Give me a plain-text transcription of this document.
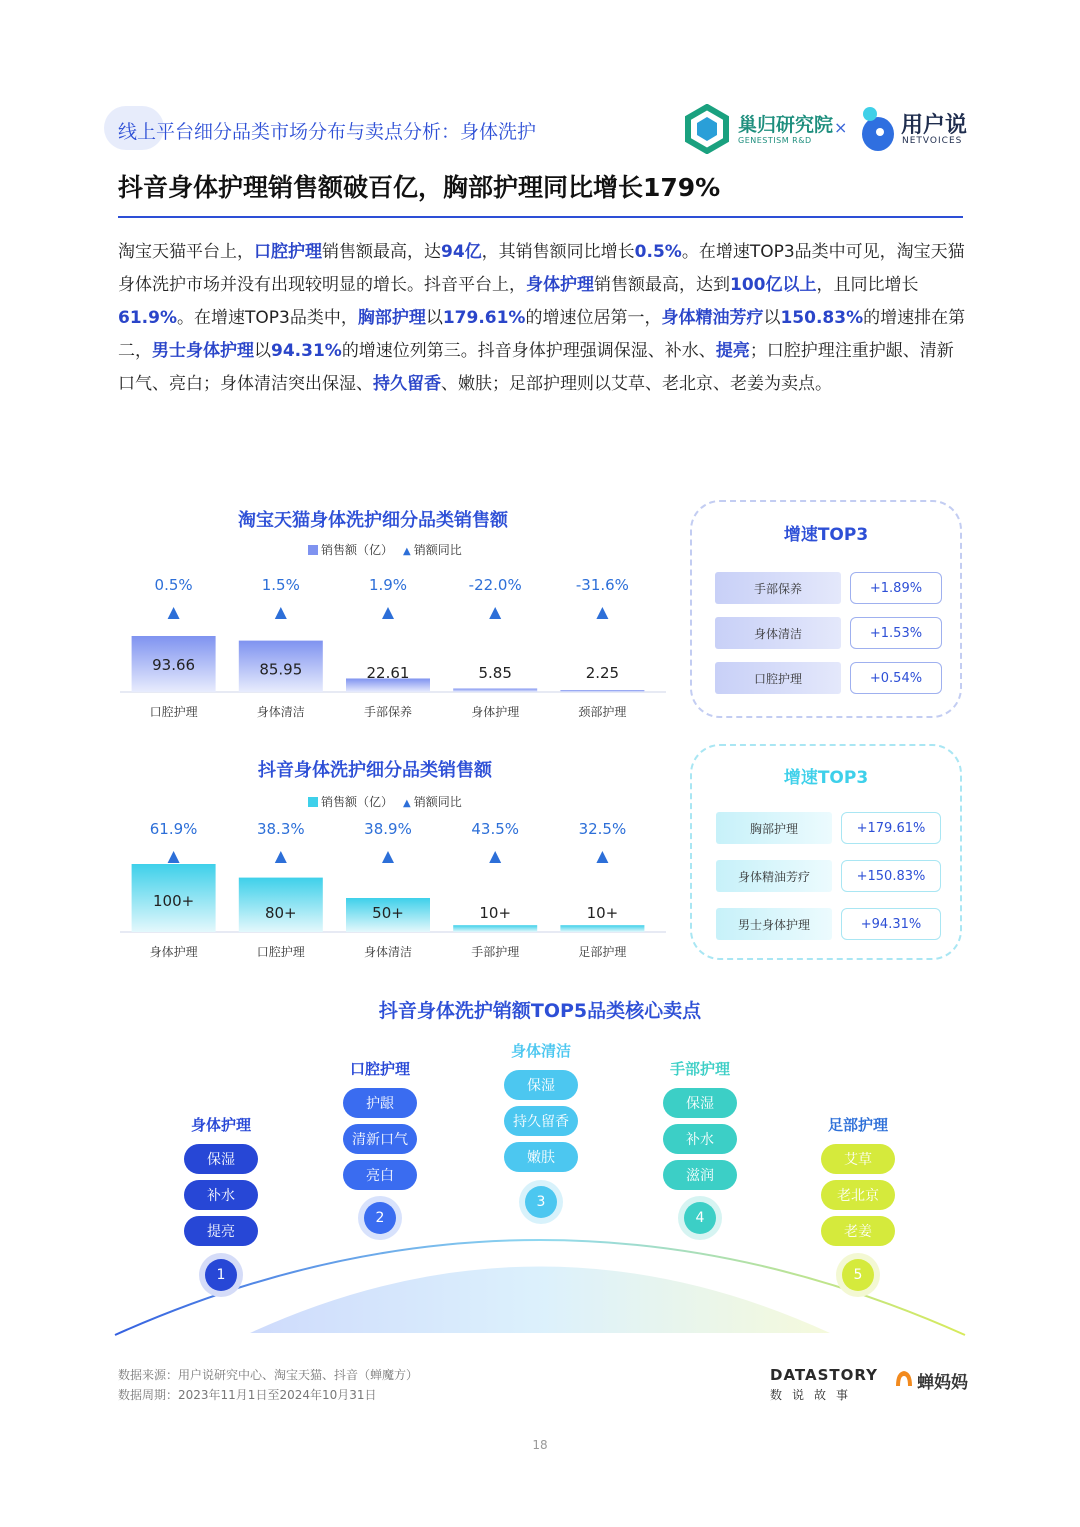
线上平台细分品类市场分布与卖点分析：身体洗护	巢归研究院
GENESTISM R&D
× 用户说
NETVOICES
抖音身体护理销售额破百亿，胸部护理同比增长179%
淘宝天猫平台上，口腔护理销售额最高，达94亿，其销售额同比增长0.5%。在增速TOP3品类中可见，淘宝天猫身体洗护市场并没有出现较明显的增长。抖音平台上，身体护理销售额最高，达到100亿以上，且同比增长61.9%。在增速TOP3品类中，胸部护理以179.61%的增速位居第一，身体精油芳疗以150.83%的增速排在第二，男士身体护理以94.31%的增速位列第三。抖音身体护理强调保湿、补水、提亮；口腔护理注重护龈、清新口气、亮白；身体清洁突出保湿、持久留香、嫩肤；足部护理则以艾草、老北京、老姜为卖点。
淘宝天猫身体洗护细分品类销售额
销售额（亿） ▲ 销额同比
93.66
0.5%
口腔护理
85.95
1.5%
身体清洁
22.61
1.9%
手部保养
5.85
-22.0%
身体护理
2.25
-31.6%
颈部护理
抖音身体洗护细分品类销售额
销售额（亿） ▲ 销额同比
100+
61.9%
身体护理
80+
38.3%
口腔护理
50+
38.9%
身体清洁
10+
43.5%
手部护理
10+
32.5%
足部护理
增速TOP3
手部保养	+1.89%
身体清洁	+1.53%
口腔护理	+0.54%
增速TOP3
胸部护理	+179.61%
身体精油芳疗	+150.83%
男士身体护理	+94.31%
抖音身体洗护销额TOP5品类核心卖点
身体护理
保湿
补水
提亮
1
口腔护理
护龈
清新口气
亮白
2
身体清洁
保湿
持久留香
嫩肤
3
手部护理
保湿
补水
滋润
4
足部护理
艾草
老北京
老姜
5
数据来源：用户说研究中心、淘宝天猫、抖音（蝉魔方）
数据周期：2023年11月1日至2024年10月31日
DATASTORY
数说故事
蝉妈妈
18
